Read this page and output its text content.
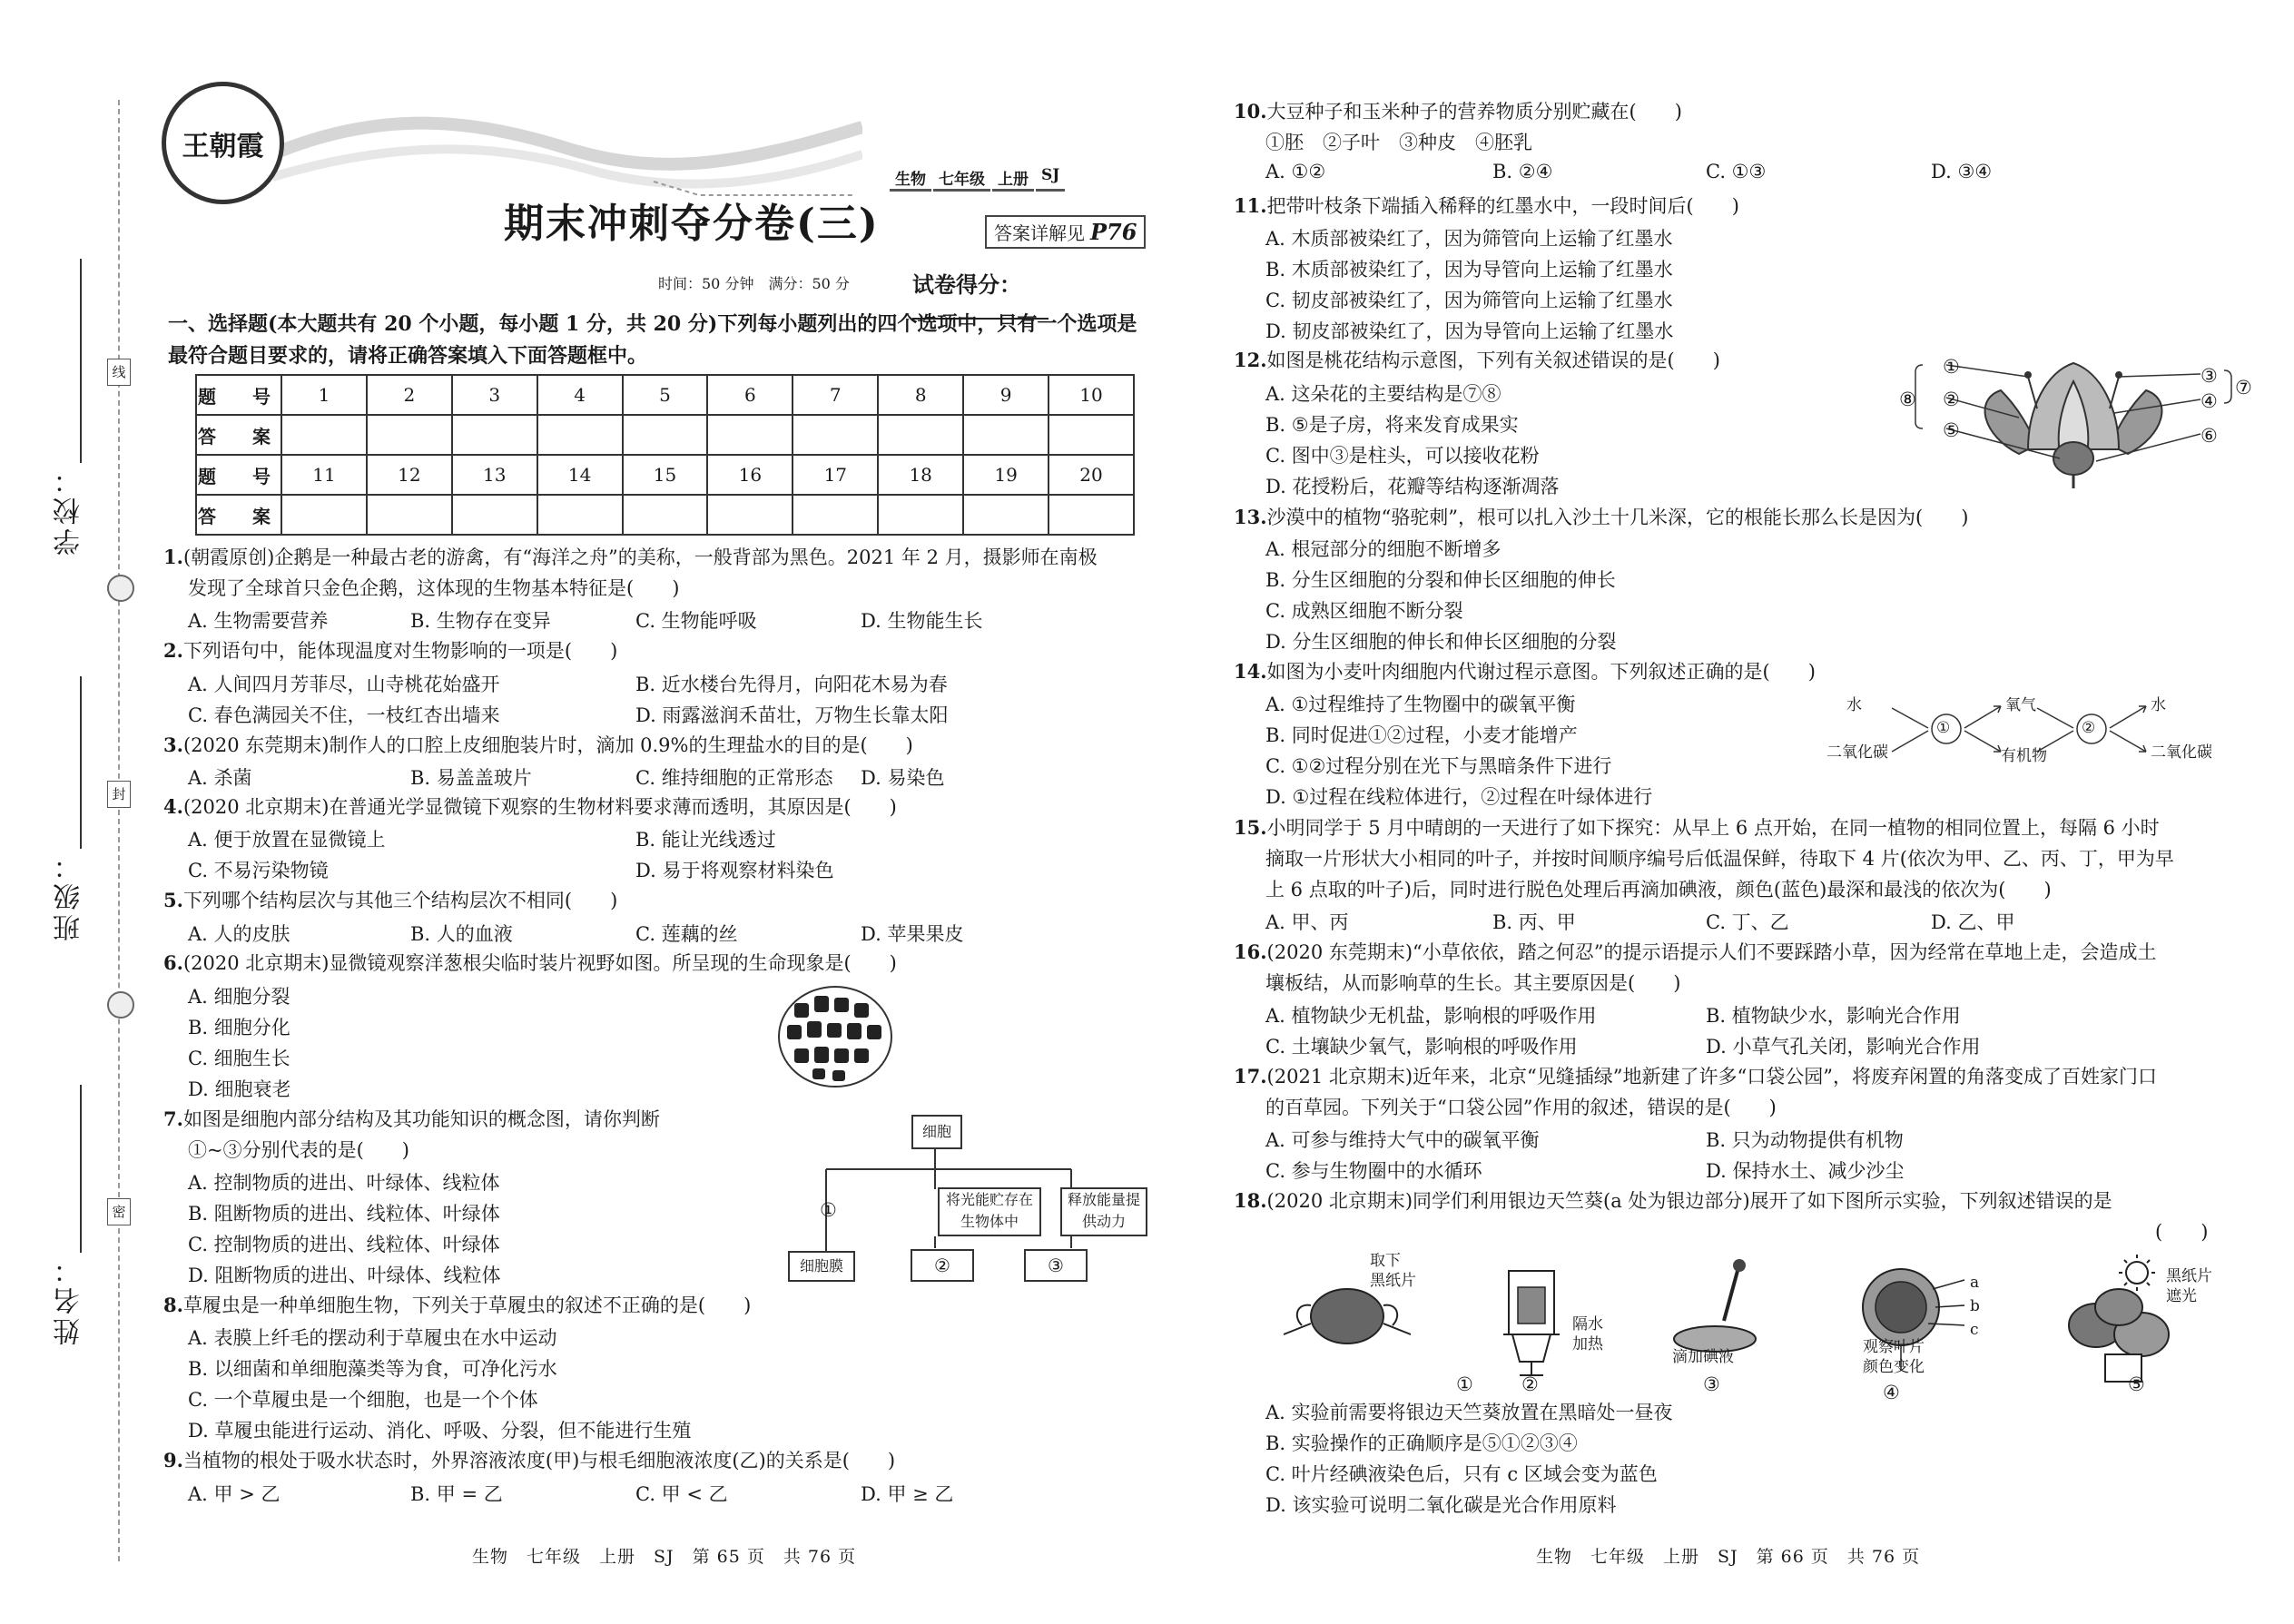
学校：
班级：
姓名：
线
封
密
王朝霞
生物 七年级 上册 SJ
期末冲刺夺分卷(三)	答案详解见 P76
时间：50 分钟　满分：50 分	试卷得分：
一、选择题(本大题共有 20 个小题，每小题 1 分，共 20 分)下列每小题列出的四个选项中，只有一个选项是最符合题目要求的，请将正确答案填入下面答题框中。
题　号	1	2	3	4	5	6	7	8	9	10
答　案										
题　号	11	12	13	14	15	16	17	18	19	20
答　案										
1.(朝霞原创)企鹅是一种最古老的游禽，有“海洋之舟”的美称，一般背部为黑色。2021 年 2 月，摄影师在南极
发现了全球首只金色企鹅，这体现的生物基本特征是(　　)
A. 生物需要营养	B. 生物存在变异	C. 生物能呼吸	D. 生物能生长
2.下列语句中，能体现温度对生物影响的一项是(　　)
A. 人间四月芳菲尽，山寺桃花始盛开	B. 近水楼台先得月，向阳花木易为春
C. 春色满园关不住，一枝红杏出墙来	D. 雨露滋润禾苗壮，万物生长靠太阳
3.(2020 东莞期末)制作人的口腔上皮细胞装片时，滴加 0.9%的生理盐水的目的是(　　)
A. 杀菌	B. 易盖盖玻片	C. 维持细胞的正常形态 D. 易染色
4.(2020 北京期末)在普通光学显微镜下观察的生物材料要求薄而透明，其原因是(　　)
A. 便于放置在显微镜上	B. 能让光线透过
C. 不易污染物镜	D. 易于将观察材料染色
5.下列哪个结构层次与其他三个结构层次不相同(　　)
A. 人的皮肤	B. 人的血液	C. 莲藕的丝	D. 苹果果皮
6.(2020 北京期末)显微镜观察洋葱根尖临时装片视野如图。所呈现的生命现象是(　　)
A. 细胞分裂
B. 细胞分化
C. 细胞生长
D. 细胞衰老
7.如图是细胞内部分结构及其功能知识的概念图，请你判断
①~③分别代表的是(　　)
A. 控制物质的进出、叶绿体、线粒体
B. 阻断物质的进出、线粒体、叶绿体
C. 控制物质的进出、线粒体、叶绿体
D. 阻断物质的进出、叶绿体、线粒体
细胞
①	将光能贮存在生物体中
释放能量提供动力
细胞膜	②	③
8.草履虫是一种单细胞生物，下列关于草履虫的叙述不正确的是(　　)
A. 表膜上纤毛的摆动利于草履虫在水中运动
B. 以细菌和单细胞藻类等为食，可净化污水
C. 一个草履虫是一个细胞，也是一个个体
D. 草履虫能进行运动、消化、呼吸、分裂，但不能进行生殖
9.当植物的根处于吸水状态时，外界溶液浓度(甲)与根毛细胞液浓度(乙)的关系是(　　)
A. 甲 > 乙	B. 甲 = 乙	C. 甲 < 乙	D. 甲 ≥ 乙
生物　七年级　上册　SJ　第 65 页　共 76 页
10.大豆种子和玉米种子的营养物质分别贮藏在(　　)
①胚　②子叶　③种皮　④胚乳
A. ①②	B. ②④	C. ①③	D. ③④
11.把带叶枝条下端插入稀释的红墨水中，一段时间后(　　)
A. 木质部被染红了，因为筛管向上运输了红墨水
B. 木质部被染红了，因为导管向上运输了红墨水
C. 韧皮部被染红了，因为筛管向上运输了红墨水
D. 韧皮部被染红了，因为导管向上运输了红墨水
12.如图是桃花结构示意图，下列有关叙述错误的是(　　)
A. 这朵花的主要结构是⑦⑧
B. ⑤是子房，将来发育成果实
C. 图中③是柱头，可以接收花粉
D. 花授粉后，花瓣等结构逐渐凋落
①
②
⑤
⑧
③
④
⑥
⑦
13.沙漠中的植物“骆驼刺”，根可以扎入沙土十几米深，它的根能长那么长是因为(　　)
A. 根冠部分的细胞不断增多
B. 分生区细胞的分裂和伸长区细胞的伸长
C. 成熟区细胞不断分裂
D. 分生区细胞的伸长和伸长区细胞的分裂
14.如图为小麦叶肉细胞内代谢过程示意图。下列叙述正确的是(　　)
A. ①过程维持了生物圈中的碳氧平衡
B. 同时促进①②过程，小麦才能增产
C. ①②过程分别在光下与黑暗条件下进行
D. ①过程在线粒体进行，②过程在叶绿体进行
水
二氧化碳
①
氧气
有机物
②
水
二氧化碳
15.小明同学于 5 月中晴朗的一天进行了如下探究：从早上 6 点开始，在同一植物的相同位置上，每隔 6 小时
摘取一片形状大小相同的叶子，并按时间顺序编号后低温保鲜，待取下 4 片(依次为甲、乙、丙、丁，甲为早
上 6 点取的叶子)后，同时进行脱色处理后再滴加碘液，颜色(蓝色)最深和最浅的依次为(　　)
A. 甲、丙	B. 丙、甲	C. 丁、乙	D. 乙、甲
16.(2020 东莞期末)“小草依依，踏之何忍”的提示语提示人们不要踩踏小草，因为经常在草地上走，会造成土
壤板结，从而影响草的生长。其主要原因是(　　)
A. 植物缺少无机盐，影响根的呼吸作用	B. 植物缺少水，影响光合作用
C. 土壤缺少氧气，影响根的呼吸作用	D. 小草气孔关闭，影响光合作用
17.(2021 北京期末)近年来，北京“见缝插绿”地新建了许多“口袋公园”，将废弃闲置的角落变成了百姓家门口
的百草园。下列关于“口袋公园”作用的叙述，错误的是(　　)
A. 可参与维持大气中的碳氧平衡	B. 只为动物提供有机物
C. 参与生物圈中的水循环	D. 保持水土、减少沙尘
18.(2020 北京期末)同学们利用银边天竺葵(a 处为银边部分)展开了如下图所示实验，下列叙述错误的是
(　　)
取下
黑纸片
①
隔水
加热
②
滴加碘液
③
a
b
c
观察叶片
颜色变化
④
黑纸片
遮光
⑤
A. 实验前需要将银边天竺葵放置在黑暗处一昼夜
B. 实验操作的正确顺序是⑤①②③④
C. 叶片经碘液染色后，只有 c 区域会变为蓝色
D. 该实验可说明二氧化碳是光合作用原料
生物　七年级　上册　SJ　第 66 页　共 76 页
